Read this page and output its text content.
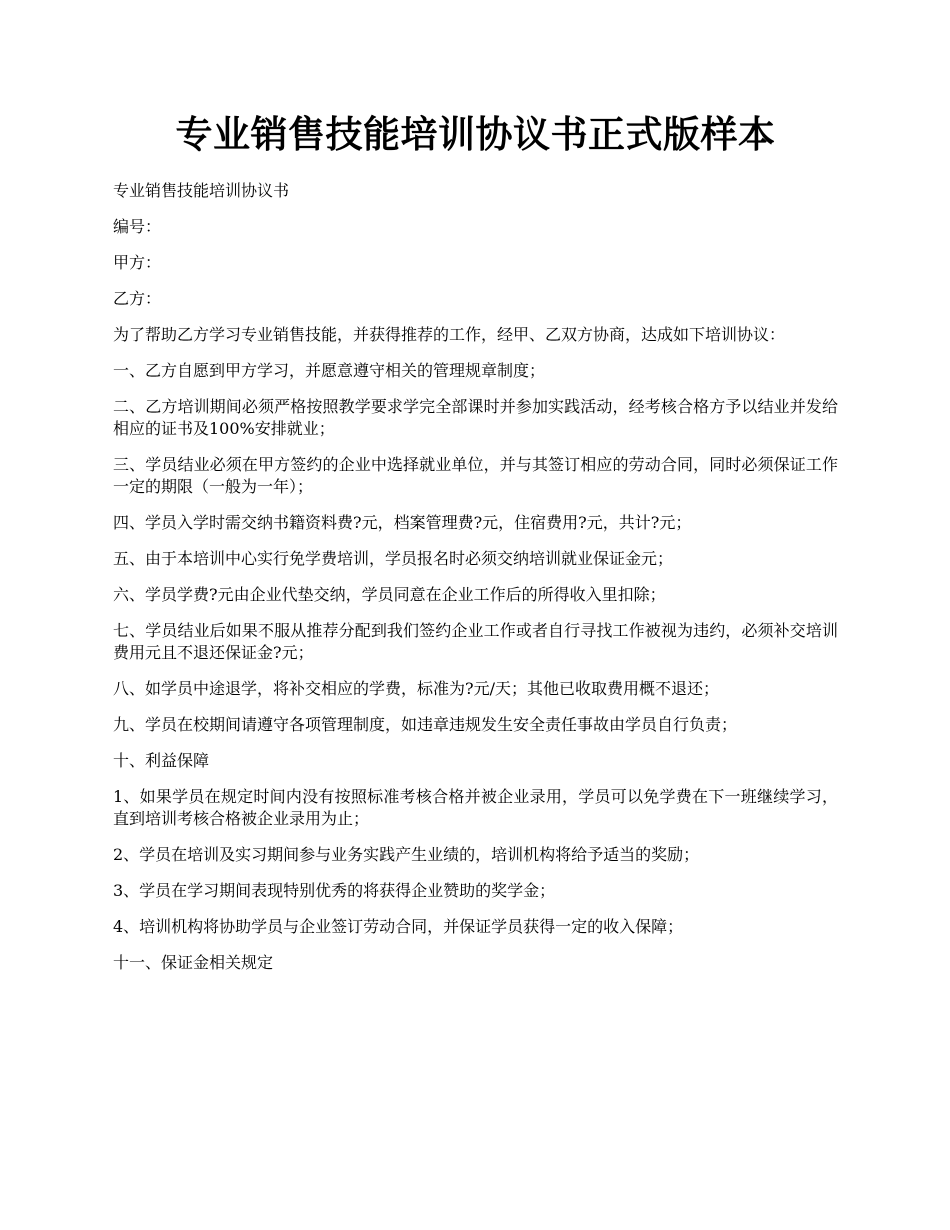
专业销售技能培训协议书正式版样本

专业销售技能培训协议书

编号：

甲方：

乙方：

为了帮助乙方学习专业销售技能，并获得推荐的工作，经甲、乙双方协商，达成如下培训协议：

一、乙方自愿到甲方学习，并愿意遵守相关的管理规章制度；

二、乙方培训期间必须严格按照教学要求学完全部课时并参加实践活动，经考核合格方予以结业并发给相应的证书及100%安排就业；

三、学员结业必须在甲方签约的企业中选择就业单位，并与其签订相应的劳动合同，同时必须保证工作一定的期限（一般为一年）；

四、学员入学时需交纳书籍资料费?元，档案管理费?元，住宿费用?元，共计?元；

五、由于本培训中心实行免学费培训，学员报名时必须交纳培训就业保证金元；

六、学员学费?元由企业代垫交纳，学员同意在企业工作后的所得收入里扣除；

七、学员结业后如果不服从推荐分配到我们签约企业工作或者自行寻找工作被视为违约，必须补交培训费用元且不退还保证金?元；

八、如学员中途退学，将补交相应的学费，标准为?元/天；其他已收取费用概不退还；

九、学员在校期间请遵守各项管理制度，如违章违规发生安全责任事故由学员自行负责；

十、利益保障

1、如果学员在规定时间内没有按照标准考核合格并被企业录用，学员可以免学费在下一班继续学习，直到培训考核合格被企业录用为止；

2、学员在培训及实习期间参与业务实践产生业绩的，培训机构将给予适当的奖励；

3、学员在学习期间表现特别优秀的将获得企业赞助的奖学金；

4、培训机构将协助学员与企业签订劳动合同，并保证学员获得一定的收入保障；

十一、保证金相关规定
